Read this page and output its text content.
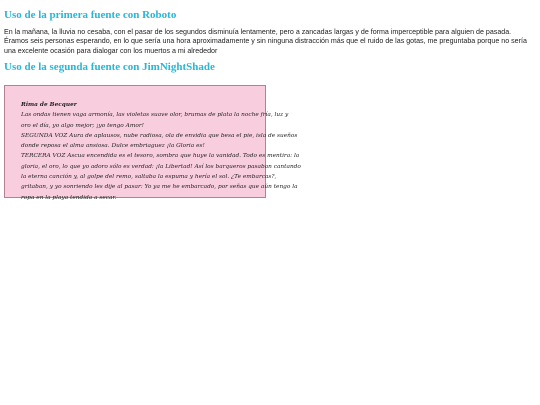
Uso de la primera fuente con Roboto

En la mañana, la lluvia no cesaba, con el pasar de los segundos disminuía lentamente, pero a zancadas largas y de forma imperceptible para alguien de pasada. Éramos seis personas esperando, en lo que sería una hora aproximadamente y sin ninguna distracción más que el ruido de las gotas, me preguntaba porque no sería una excelente ocasión para dialogar con los muertos a mi alrededor

Uso de la segunda fuente con JimNightShade
Rima de Becquer
Las ondas tienen vaga armonía, las violetas suave olor, brumas de plata la noche fría, luz y
oro el día, yo algo mejor; ¡yo tengo Amor!
SEGUNDA VOZ Aura de aplausos, nube radiosa, ola de envidia que besa el pie, isla de sueños
donde reposa el alma ansiosa. Dulce embriaguez ¡la Gloria es!
TERCERA VOZ Ascua encendida es el tesoro, sombra que huye la vanidad. Todo es mentira: la
gloria, el oro, lo que yo adoro sólo es verdad: ¡la Libertad! Así los barqueros pasaban cantando
la eterna canción y, al golpe del remo, saltaba la espuma y hería el sol. ¿Te embarcas?,
gritaban, y yo sonriendo les dije al pasar: Yo ya me he embarcado, por señas que aún tengo la
ropa en la playa tendida a secar.
